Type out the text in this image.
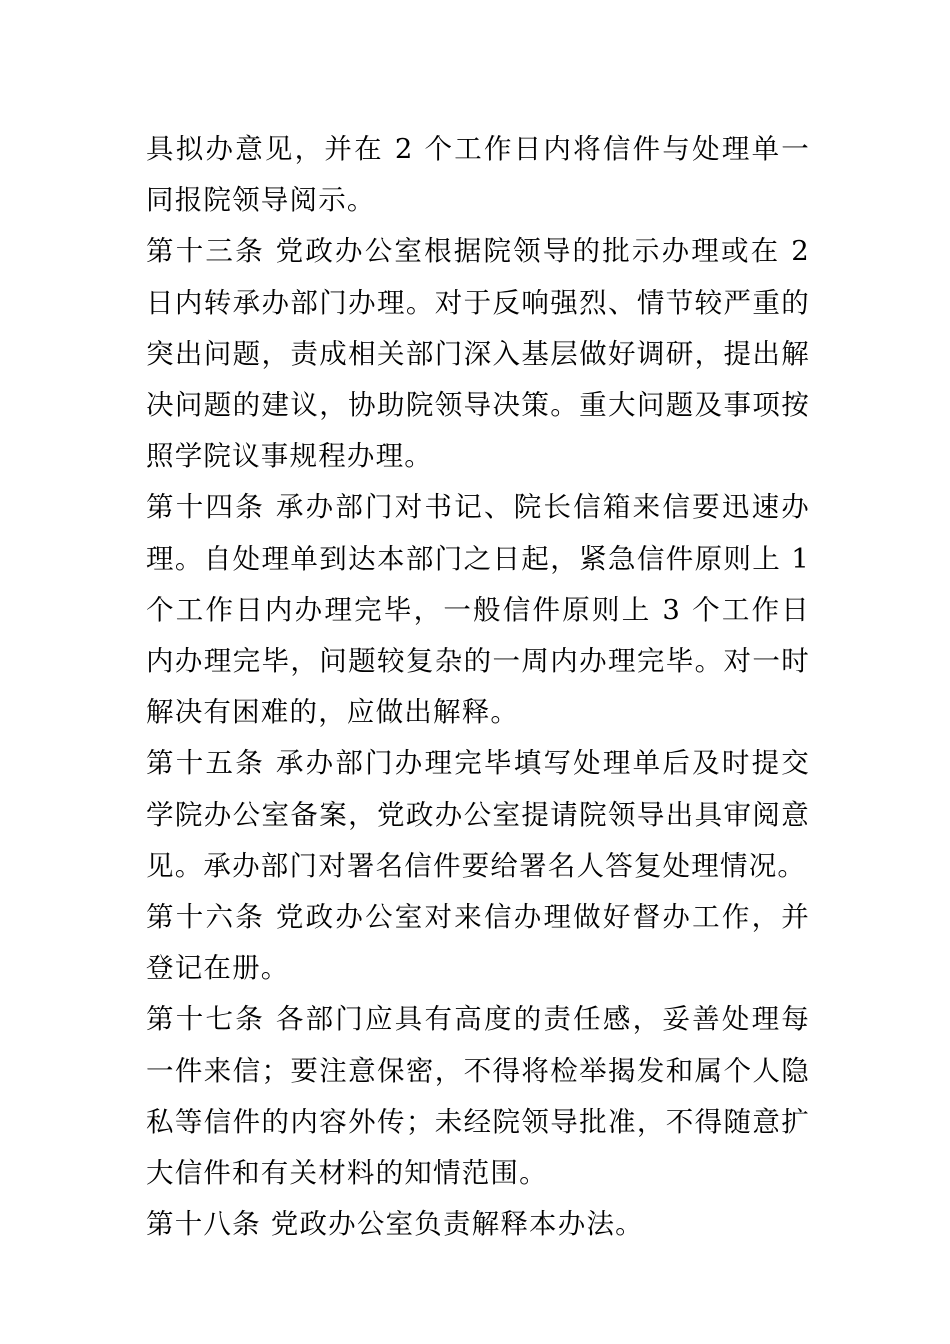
具拟办意见，并在 2 个工作日内将信件与处理单一同报院领导阅示。

第十三条 党政办公室根据院领导的批示办理或在 2 日内转承办部门办理。对于反响强烈、情节较严重的突出问题，责成相关部门深入基层做好调研，提出解决问题的建议，协助院领导决策。重大问题及事项按照学院议事规程办理。

第十四条 承办部门对书记、院长信箱来信要迅速办理。自处理单到达本部门之日起，紧急信件原则上 1 个工作日内办理完毕，一般信件原则上 3 个工作日内办理完毕，问题较复杂的一周内办理完毕。对一时解决有困难的，应做出解释。

第十五条 承办部门办理完毕填写处理单后及时提交学院办公室备案，党政办公室提请院领导出具审阅意见。承办部门对署名信件要给署名人答复处理情况。

第十六条 党政办公室对来信办理做好督办工作，并登记在册。

第十七条 各部门应具有高度的责任感，妥善处理每一件来信；要注意保密，不得将检举揭发和属个人隐私等信件的内容外传；未经院领导批准，不得随意扩大信件和有关材料的知情范围。

第十八条 党政办公室负责解释本办法。
